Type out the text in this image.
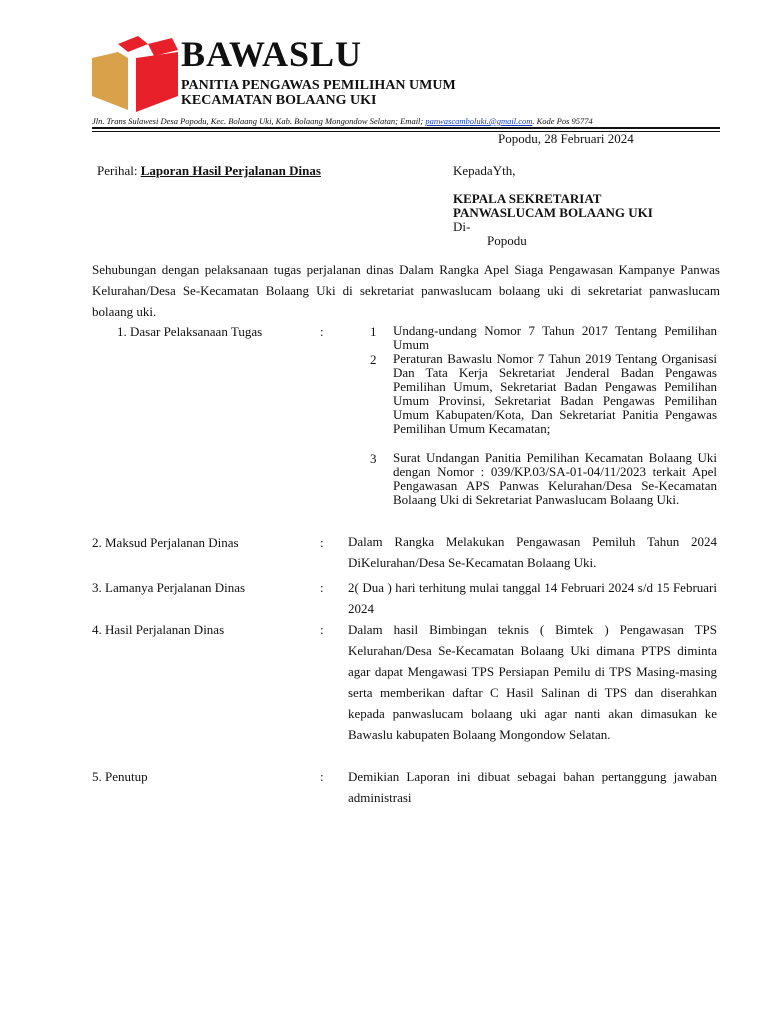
BAWASLU
PANITIA PENGAWAS PEMILIHAN UMUM
KECAMATAN BOLAANG UKI
Jln. Trans Sulawesi Desa Popodu, Kec. Bolaang Uki, Kab. Bolaang Mongondow Selatan; Email; panwascamboluki.@gmail.com. Kode Pos 95774
Popodu, 28 Februari 2024
Perihal: Laporan Hasil Perjalanan Dinas	KepadaYth,
KEPALA SEKRETARIAT
PANWASLUCAM BOLAANG UKI
Di-
Popodu
Sehubungan dengan pelaksanaan tugas perjalanan dinas Dalam Rangka Apel Siaga Pengawasan Kampanye Panwas Kelurahan/Desa Se-Kecamatan Bolaang Uki di sekretariat panwaslucam bolaang uki di sekretariat panwaslucam bolaang uki.
1. Dasar Pelaksanaan Tugas	:	1 Undang-undang Nomor 7 Tahun 2017 Tentang Pemilihan Umum
2 Peraturan Bawaslu Nomor 7 Tahun 2019 Tentang Organisasi Dan Tata Kerja Sekretariat Jenderal Badan Pengawas Pemilihan Umum, Sekretariat Badan Pengawas Pemilihan Umum Provinsi, Sekretariat Badan Pengawas Pemilihan Umum Kabupaten/Kota, Dan Sekretariat Panitia Pengawas Pemilihan Umum Kecamatan;
3 Surat Undangan Panitia Pemilihan Kecamatan Bolaang Uki dengan Nomor : 039/KP.03/SA-01-04/11/2023 terkait Apel Pengawasan APS Panwas Kelurahan/Desa Se-Kecamatan Bolaang Uki di Sekretariat Panwaslucam Bolaang Uki.
2. Maksud Perjalanan Dinas	: Dalam Rangka Melakukan Pengawasan Pemiluh Tahun 2024 DiKelurahan/Desa Se-Kecamatan Bolaang Uki.
3. Lamanya Perjalanan Dinas	: 2( Dua ) hari terhitung mulai tanggal 14 Februari 2024 s/d 15 Februari 2024
4. Hasil Perjalanan Dinas	: Dalam hasil Bimbingan teknis ( Bimtek ) Pengawasan TPS Kelurahan/Desa Se-Kecamatan Bolaang Uki dimana PTPS diminta agar dapat Mengawasi TPS Persiapan Pemilu di TPS Masing-masing serta memberikan daftar C Hasil Salinan di TPS dan diserahkan kepada panwaslucam bolaang uki agar nanti akan dimasukan ke Bawaslu kabupaten Bolaang Mongondow Selatan.
5. Penutup	: Demikian Laporan ini dibuat sebagai bahan pertanggung jawaban administrasi
